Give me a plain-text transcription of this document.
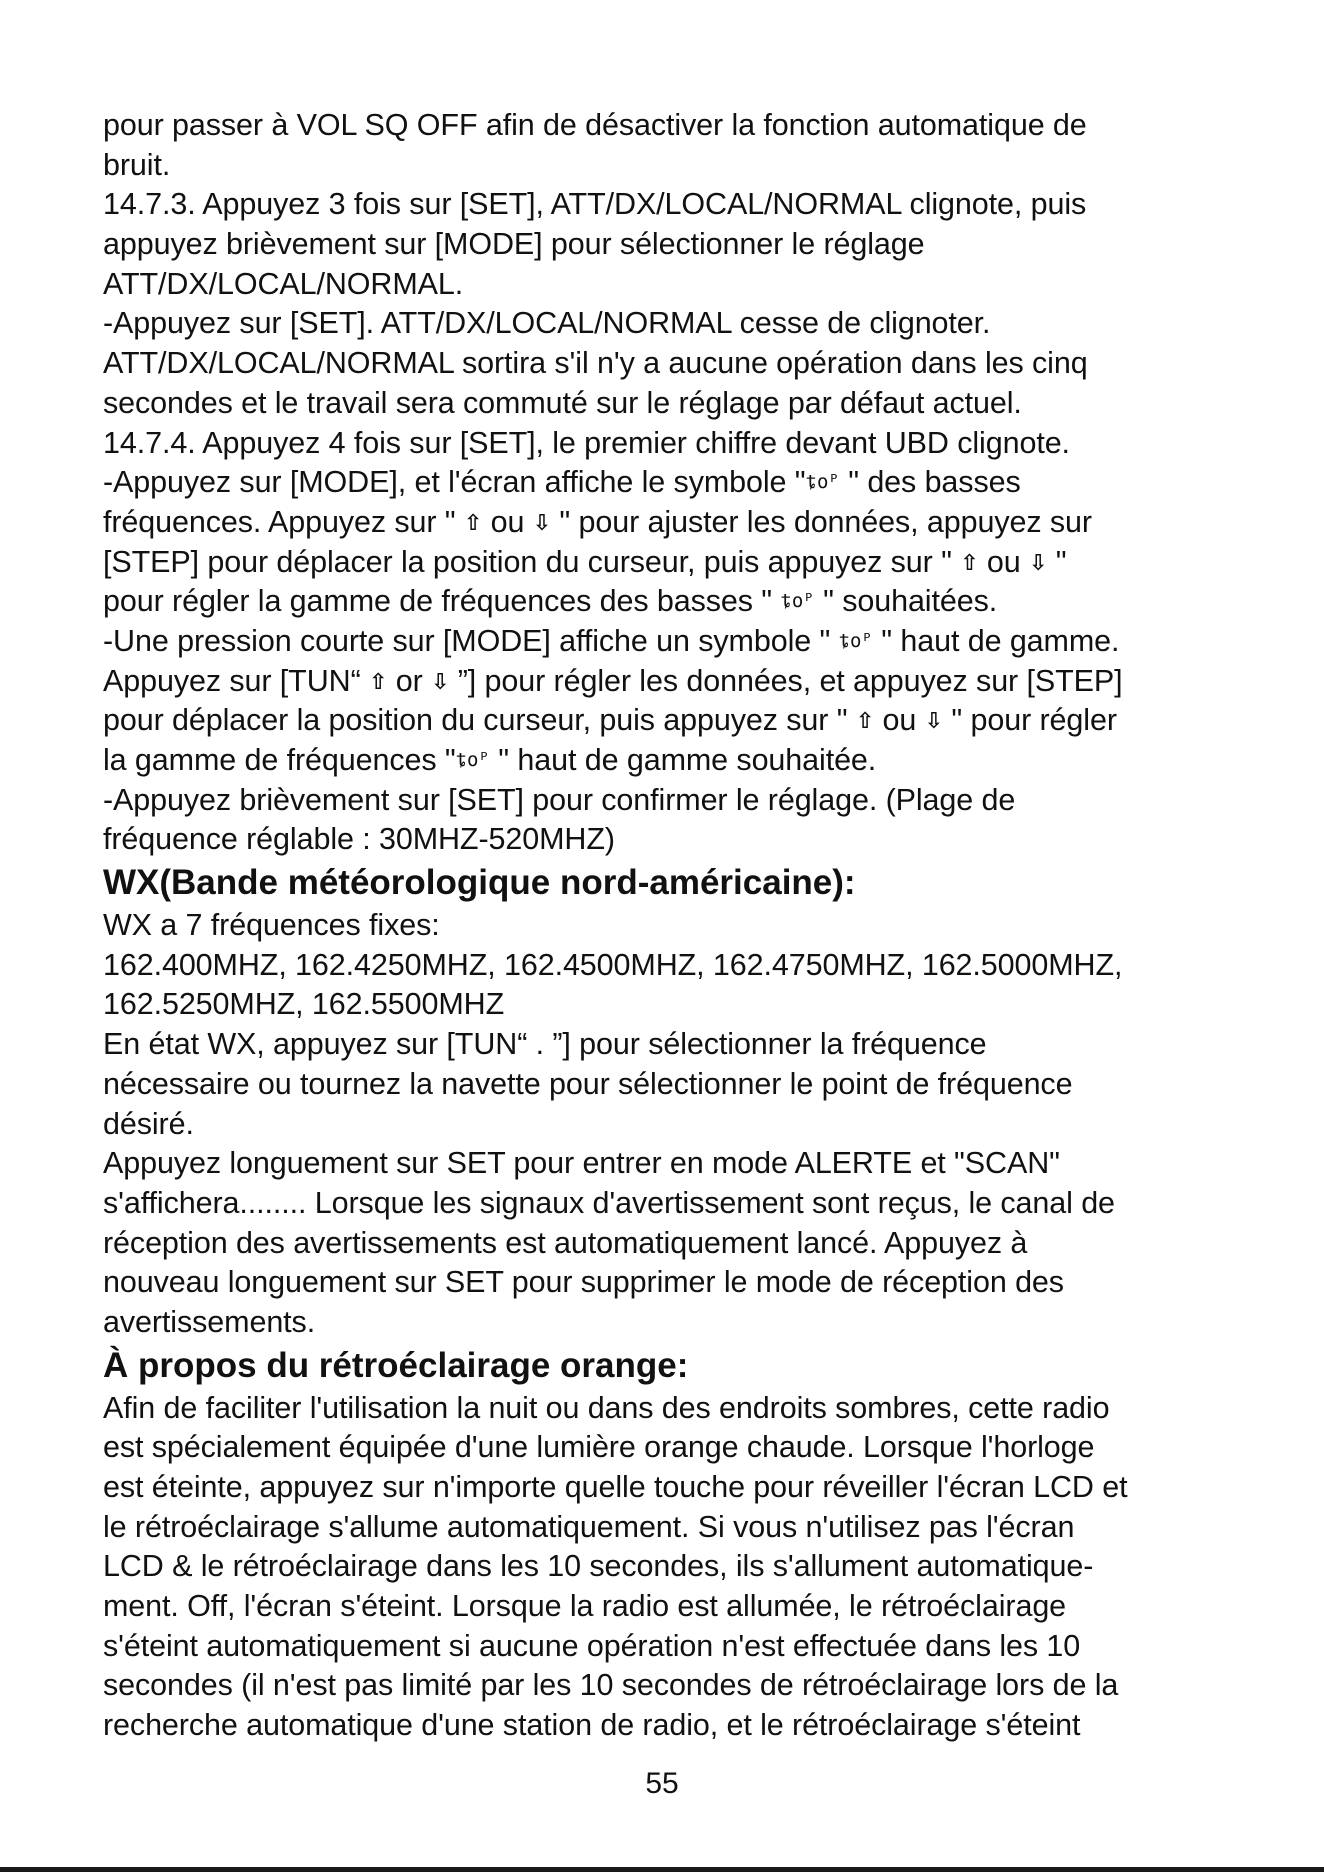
pour passer à VOL SQ OFF afin de désactiver la fonction automatique de
bruit.
14.7.3. Appuyez 3 fois sur [SET], ATT/DX/LOCAL/NORMAL clignote, puis
appuyez brièvement sur [MODE] pour sélectionner le réglage
ATT/DX/LOCAL/NORMAL.
-Appuyez sur [SET]. ATT/DX/LOCAL/NORMAL cesse de clignoter.
ATT/DX/LOCAL/NORMAL sortira s'il n'y a aucune opération dans les cinq
secondes et le travail sera commuté sur le réglage par défaut actuel.
14.7.4. Appuyez 4 fois sur [SET], le premier chiffre devant UBD clignote.
-Appuyez sur [MODE], et l'écran affiche le symbole "ȶoᴾ " des basses
fréquences. Appuyez sur " ⇧ ou ⇩ " pour ajuster les données, appuyez sur
[STEP] pour déplacer la position du curseur, puis appuyez sur " ⇧ ou ⇩ "
pour régler la gamme de fréquences des basses " ȶoᴾ " souhaitées.
-Une pression courte sur [MODE] affiche un symbole " ȶoᴾ " haut de gamme.
Appuyez sur [TUN“ ⇧ or ⇩ ”] pour régler les données, et appuyez sur [STEP]
pour déplacer la position du curseur, puis appuyez sur " ⇧ ou ⇩ " pour régler
la gamme de fréquences "ȶoᴾ " haut de gamme souhaitée.
-Appuyez brièvement sur [SET] pour confirmer le réglage. (Plage de
fréquence réglable : 30MHZ-520MHZ)
WX(Bande météorologique nord-américaine):
WX a 7 fréquences fixes:
162.400MHZ, 162.4250MHZ, 162.4500MHZ, 162.4750MHZ, 162.5000MHZ,
162.5250MHZ, 162.5500MHZ
En état WX, appuyez sur [TUN“ . ”] pour sélectionner la fréquence
nécessaire ou tournez la navette pour sélectionner le point de fréquence
désiré.
Appuyez longuement sur SET pour entrer en mode ALERTE et "SCAN"
s'affichera........ Lorsque les signaux d'avertissement sont reçus, le canal de
réception des avertissements est automatiquement lancé. Appuyez à
nouveau longuement sur SET pour supprimer le mode de réception des
avertissements.
À propos du rétroéclairage orange:
Afin de faciliter l'utilisation la nuit ou dans des endroits sombres, cette radio
est spécialement équipée d'une lumière orange chaude. Lorsque l'horloge
est éteinte, appuyez sur n'importe quelle touche pour réveiller l'écran LCD et
le rétroéclairage s'allume automatiquement. Si vous n'utilisez pas l'écran
LCD & le rétroéclairage dans les 10 secondes, ils s'allument automatique-
ment. Off, l'écran s'éteint. Lorsque la radio est allumée, le rétroéclairage
s'éteint automatiquement si aucune opération n'est effectuée dans les 10
secondes (il n'est pas limité par les 10 secondes de rétroéclairage lors de la
recherche automatique d'une station de radio, et le rétroéclairage s'éteint
55
